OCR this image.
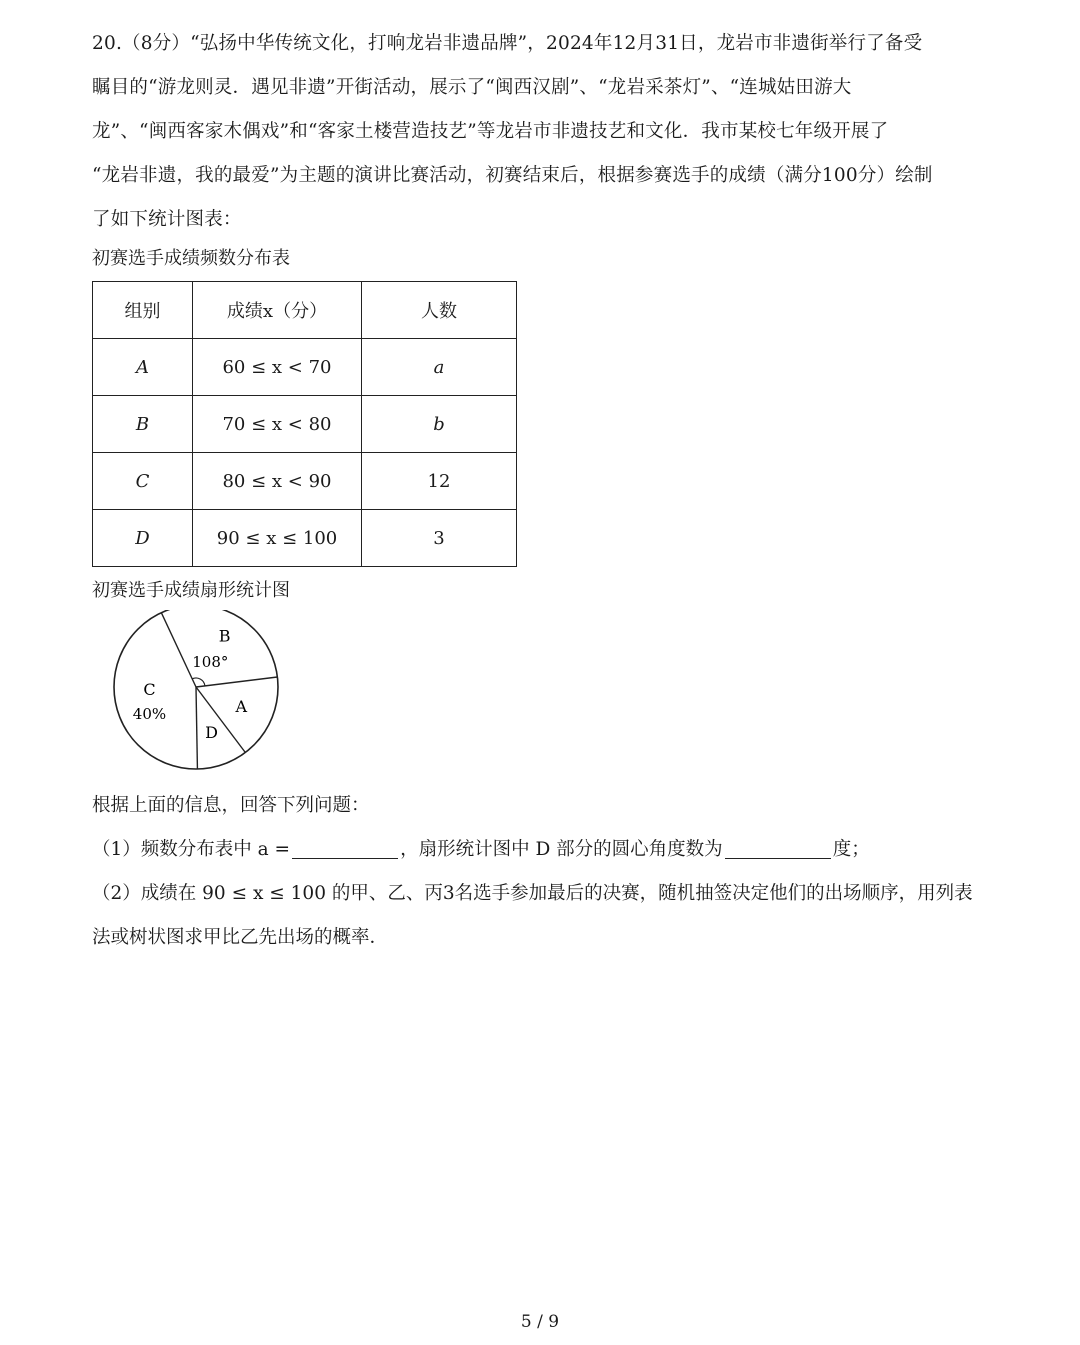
20.（8分）“弘扬中华传统文化，打响龙岩非遗品牌”，2024年12月31日，龙岩市非遗街举行了备受

瞩目的“游龙则灵．遇见非遗”开街活动，展示了“闽西汉剧”、“龙岩采茶灯”、“连城姑田游大

龙”、“闽西客家木偶戏”和“客家土楼营造技艺”等龙岩市非遗技艺和文化．我市某校七年级开展了

“龙岩非遗，我的最爱”为主题的演讲比赛活动，初赛结束后，根据参赛选手的成绩（满分100分）绘制

了如下统计图表：

初赛选手成绩频数分布表
组别	成绩x（分）	人数
A	60 ≤ x < 70	a
B	70 ≤ x < 80	b
C	80 ≤ x < 90	12
D	90 ≤ x ≤ 100	3
初赛选手成绩扇形统计图
B
108°
A
D
C
40%

根据上面的信息，回答下列问题：

（1）频数分布表中 a =	，扇形统计图中 D 部分的圆心角度数为	度；

（2）成绩在 90 ≤ x ≤ 100 的甲、乙、丙3名选手参加最后的决赛，随机抽签决定他们的出场顺序，用列表

法或树状图求甲比乙先出场的概率．

5 / 9
